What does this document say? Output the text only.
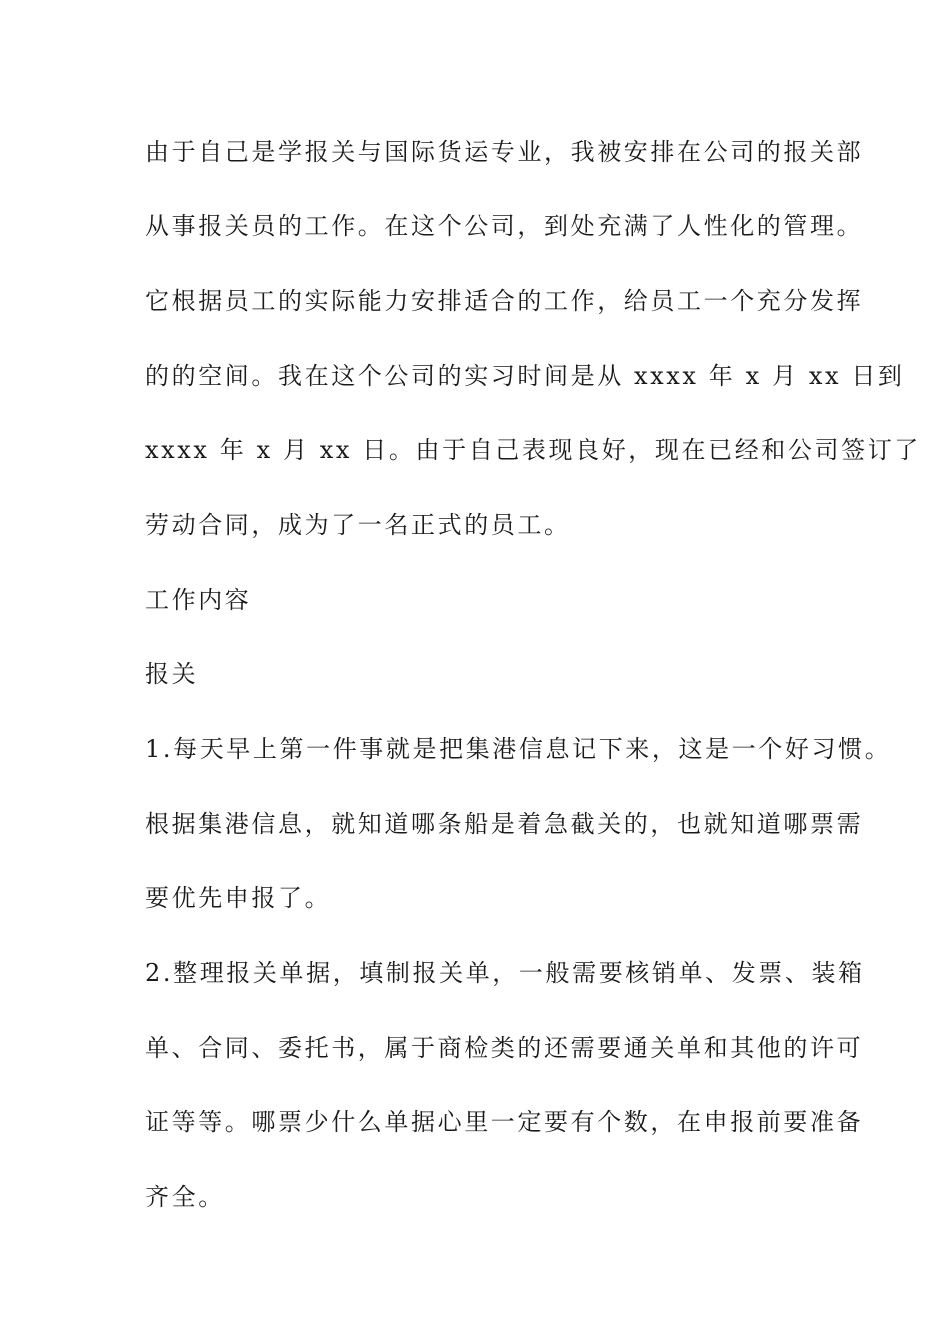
由于自己是学报关与国际货运专业，我被安排在公司的报关部
从事报关员的工作。在这个公司，到处充满了人性化的管理。
它根据员工的实际能力安排适合的工作，给员工一个充分发挥
的的空间。我在这个公司的实习时间是从 xxxx 年 x 月 xx 日到
xxxx 年 x 月 xx 日。由于自己表现良好，现在已经和公司签订了
劳动合同，成为了一名正式的员工。
工作内容
报关
1.每天早上第一件事就是把集港信息记下来，这是一个好习惯。
根据集港信息，就知道哪条船是着急截关的，也就知道哪票需
要优先申报了。
2.整理报关单据，填制报关单，一般需要核销单、发票、装箱
单、合同、委托书，属于商检类的还需要通关单和其他的许可
证等等。哪票少什么单据心里一定要有个数，在申报前要准备
齐全。
